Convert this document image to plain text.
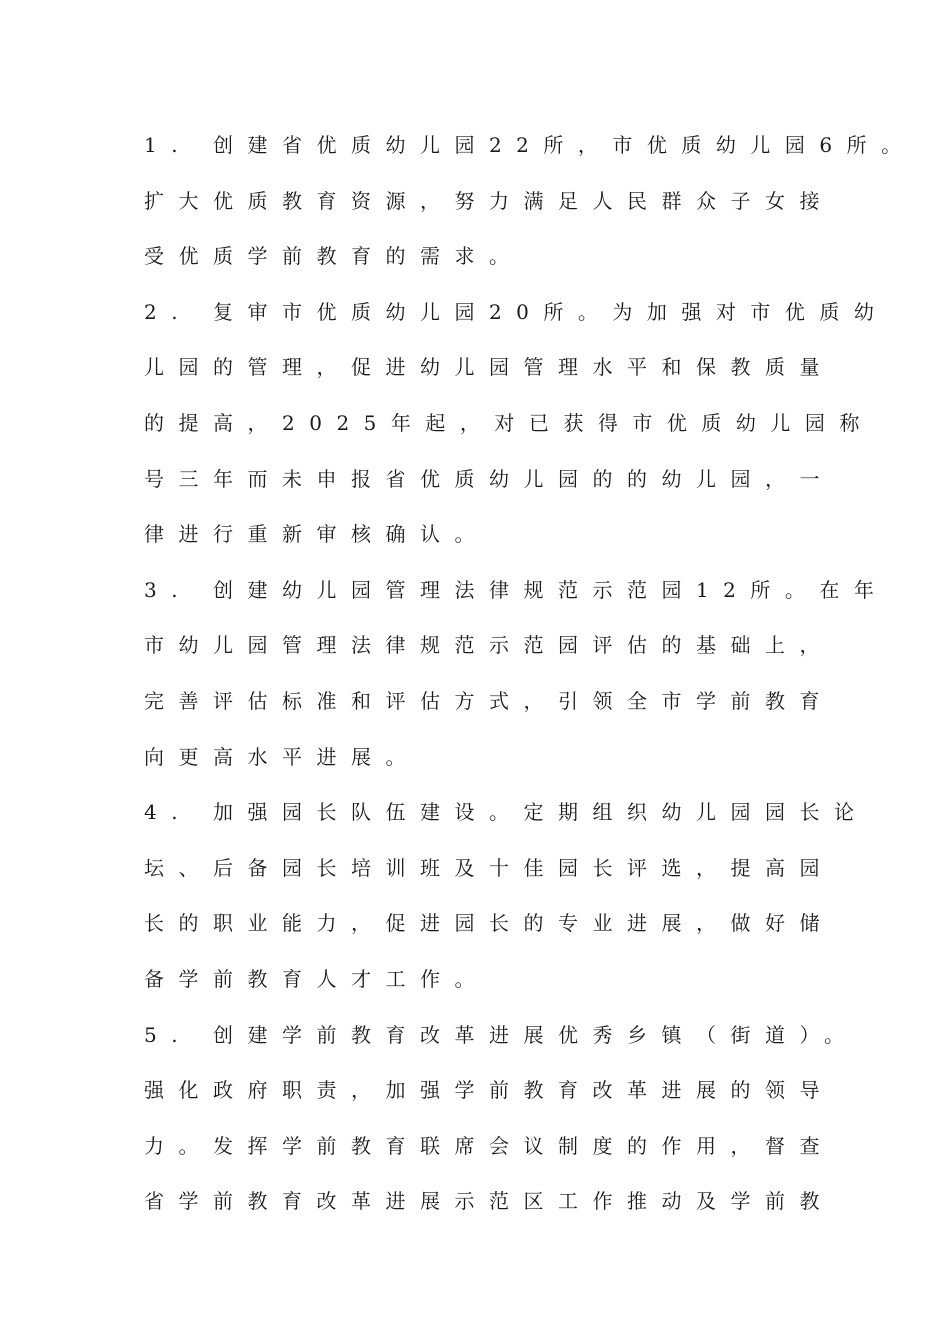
1. 创建省优质幼儿园22所，市优质幼儿园6所。
扩大优质教育资源，努力满足人民群众子女接
受优质学前教育的需求。
2. 复审市优质幼儿园20所。为加强对市优质幼
儿园的管理，促进幼儿园管理水平和保教质量
的提高，2025年起，对已获得市优质幼儿园称
号三年而未申报省优质幼儿园的的幼儿园，一
律进行重新审核确认。
3. 创建幼儿园管理法律规范示范园12所。在年
市幼儿园管理法律规范示范园评估的基础上，
完善评估标准和评估方式，引领全市学前教育
向更高水平进展。
4. 加强园长队伍建设。定期组织幼儿园园长论
坛、后备园长培训班及十佳园长评选，提高园
长的职业能力，促进园长的专业进展，做好储
备学前教育人才工作。
5. 创建学前教育改革进展优秀乡镇（街道）。
强化政府职责，加强学前教育改革进展的领导
力。发挥学前教育联席会议制度的作用，督查
省学前教育改革进展示范区工作推动及学前教
